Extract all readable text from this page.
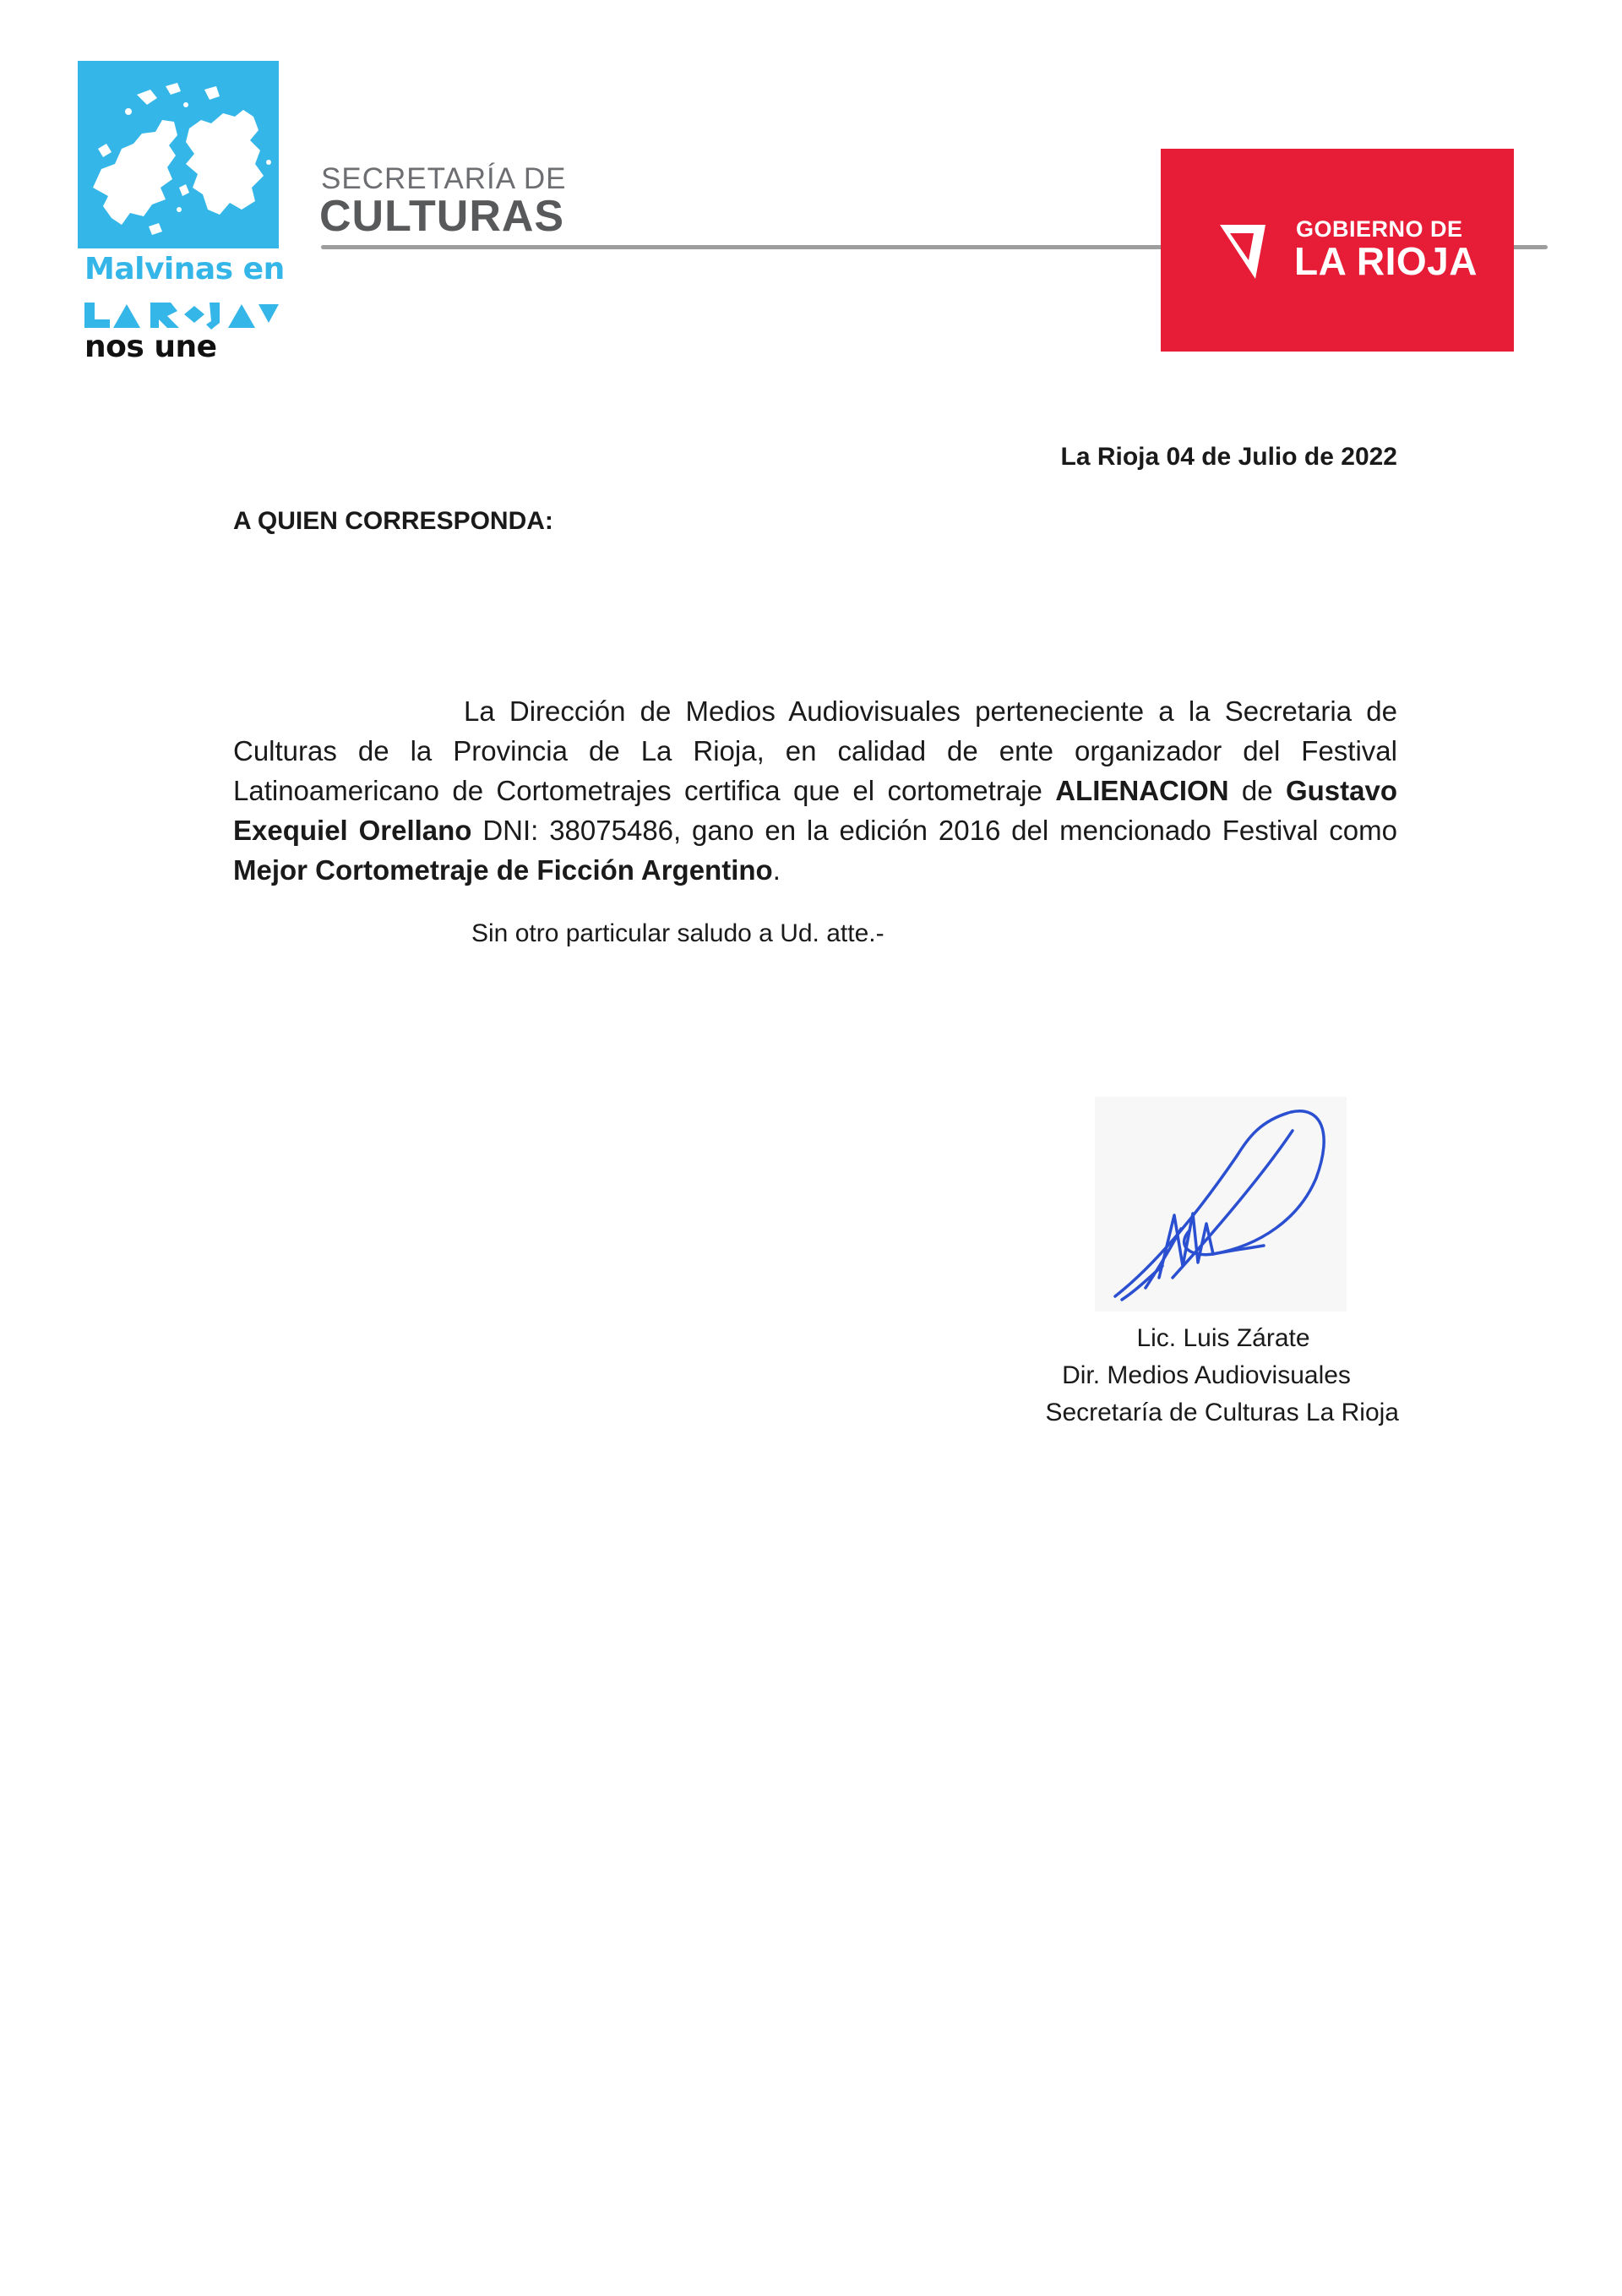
Malvinas en
nos une
SECRETARÍA DE
CULTURAS	GOBIERNO DE
LA RIOJA
La Rioja 04 de Julio de 2022
A QUIEN CORRESPONDA:
La Dirección de Medios Audiovisuales perteneciente a la Secretaria de Culturas de la Provincia de La Rioja, en calidad de ente organizador del Festival Latinoamericano de Cortometrajes certifica que el cortometraje ALIENACION de Gustavo Exequiel Orellano DNI: 38075486, gano en la edición 2016 del mencionado Festival como Mejor Cortometraje de Ficción Argentino.
Sin otro particular saludo a Ud. atte.-
Lic. Luis Zárate
Dir. Medios Audiovisuales
Secretaría de Culturas La Rioja
